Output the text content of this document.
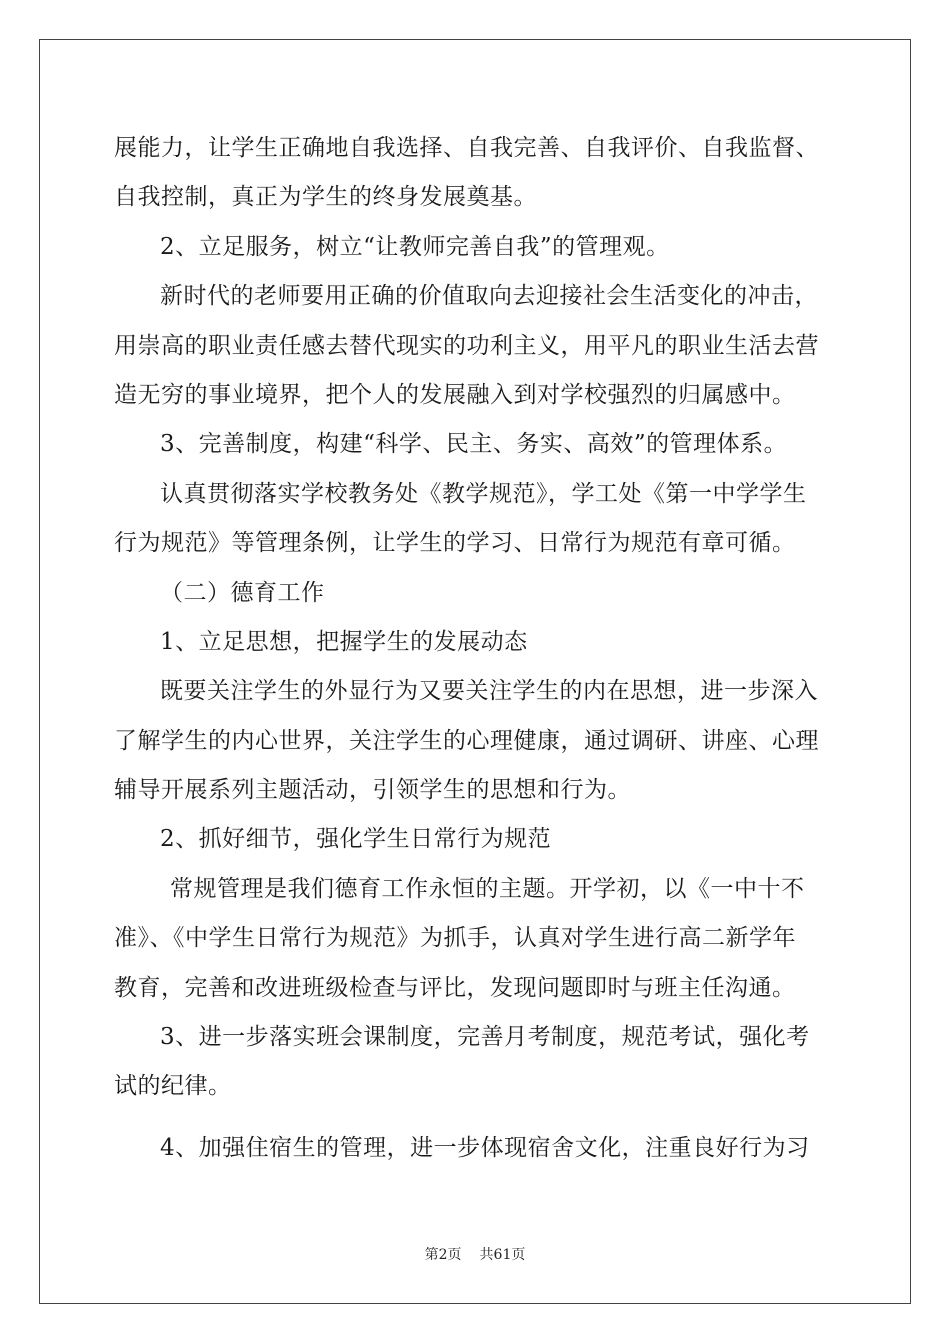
展能力，让学生正确地自我选择、自我完善、自我评价、自我监督、
自我控制，真正为学生的终身发展奠基。
2、立足服务，树立“让教师完善自我”的管理观。
新时代的老师要用正确的价值取向去迎接社会生活变化的冲击，
用崇高的职业责任感去替代现实的功利主义，用平凡的职业生活去营
造无穷的事业境界，把个人的发展融入到对学校强烈的归属感中。
3、完善制度，构建“科学、民主、务实、高效”的管理体系。
认真贯彻落实学校教务处《教学规范》，学工处《第一中学学生
行为规范》等管理条例，让学生的学习、日常行为规范有章可循。
（二）德育工作
1、立足思想，把握学生的发展动态
既要关注学生的外显行为又要关注学生的内在思想，进一步深入
了解学生的内心世界，关注学生的心理健康，通过调研、讲座、心理
辅导开展系列主题活动，引领学生的思想和行为。
2、抓好细节，强化学生日常行为规范
常规管理是我们德育工作永恒的主题。开学初，以《一中十不
准》、《中学生日常行为规范》为抓手，认真对学生进行高二新学年
教育，完善和改进班级检查与评比，发现问题即时与班主任沟通。
3、进一步落实班会课制度，完善月考制度，规范考试，强化考
试的纪律。
4、加强住宿生的管理，进一步体现宿舍文化，注重良好行为习
第2页 共61页
